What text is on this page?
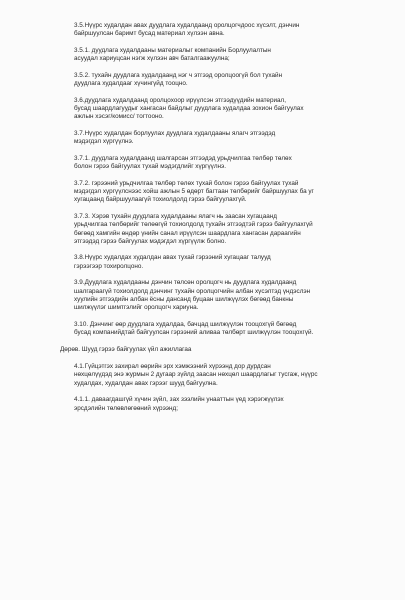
3.5.Нүүрс худалдан авах дуудлага худалдаанд оролцогчдоос хүсэлт, дэнчин
байршуулсан баримт бусад материал хүлээн авна.
3.5.1. дуудлага худалдааны материалыг компанийн Борлуулалтын
асуудал хариуцсан нэгж хүлээн авч баталгаажуулна;
3.5.2. тухайн дуудлага худалдаанд нэг ч этгээд оролцоогүй бол тухайн
дуудлага худалдааг хүчингүйд тооцно.
3.6.дуудлага худалдаанд оролцохоор ирүүлсэн этгээдүүдийн материал,
бусад шаардлагуудыг хангасан байдлыг дуудлага худалдаа зохион байгуулах
ажлын хэсэг/комисс/ тогтооно.
3.7.Нүүрс худалдан борлуулах дуудлага худалдааны ялагч этгээдэд
мэдэгдэл хүргүүлнэ.
3.7.1. дуудлага худалдаанд шалгарсан этгээдэд урьдчилгаа төлбөр төлөх
болон гэрээ байгуулах тухай мэдэгдлийг хүргүүлнэ.
3.7.2. гэрээний урьдчилгаа төлбөр төлөх тухай болон гэрээ байгуулах тухай
мэдэгдэл хүргүүлснээс хойш ажлын 5 өдөрт багтаан төлбөрийг байршуулах ба уг
хугацаанд байршуулаагүй тохиолдолд гэрээ байгуулахгүй.
3.7.3. Хэрэв тухайн дуудлага худалдааны ялагч нь заасан хугацаанд
урьдчилгаа төлбөрийг төлөөгүй тохиолдолд тухайн этгээдтэй гэрээ байгуулахгүй
бөгөөд хамгийн өндөр үнийн санал ирүүлсэн шаардлага хангасан дараагийн
этгээдэд гэрээ байгуулах мэдэгдэл хүргүүлж болно.
3.8.Нүүрс худалдах худалдан авах тухай гэрээний хугацааг талууд
гэрээгээр тохиролцоно.
3.9.Дуудлага худалдааны дэнчин төлсөн оролцогч нь дуудлага худалдаанд
шалгараагүй тохиолдолд дэнчинг тухайн оролцогчийн албан хүсэлтэд үндэслэн
хуулийн этгээдийн албан ёсны дансанд буцаан шилжүүлэх бөгөөд банкны
шилжүүлэг шимтгэлийг оролцогч хариуна.
3.10. Дэнчинг өөр дуудлага худалдаа, бачцад шилжүүлэн тооцохгүй бөгөөд
бусад компанийдтай байгуулсан гэрээний аливаа төлбөрт шилжүүлэн тооцохгүй.
Дөрөв. Шууд гэрээ байгуулах үйл ажиллагаа
4.1.Гүйцэтгэх захирал өөрийн эрх хэмжээний хүрээнд дор дурдсан
нөхцөлүүдэд энэ журмын 2 дугаар зүйлд заасан нөхцөл шаардлагыг тусгаж, нүүрс
худалдах, худалдан авах гэрээг шууд байгуулна.
4.1.1. даваагдашгүй хүчин зүйл, зах зээлийн унааттын үед хэрэгжүүлэх
эрсдэлийн төлөвлөгөөний хүрээнд;
